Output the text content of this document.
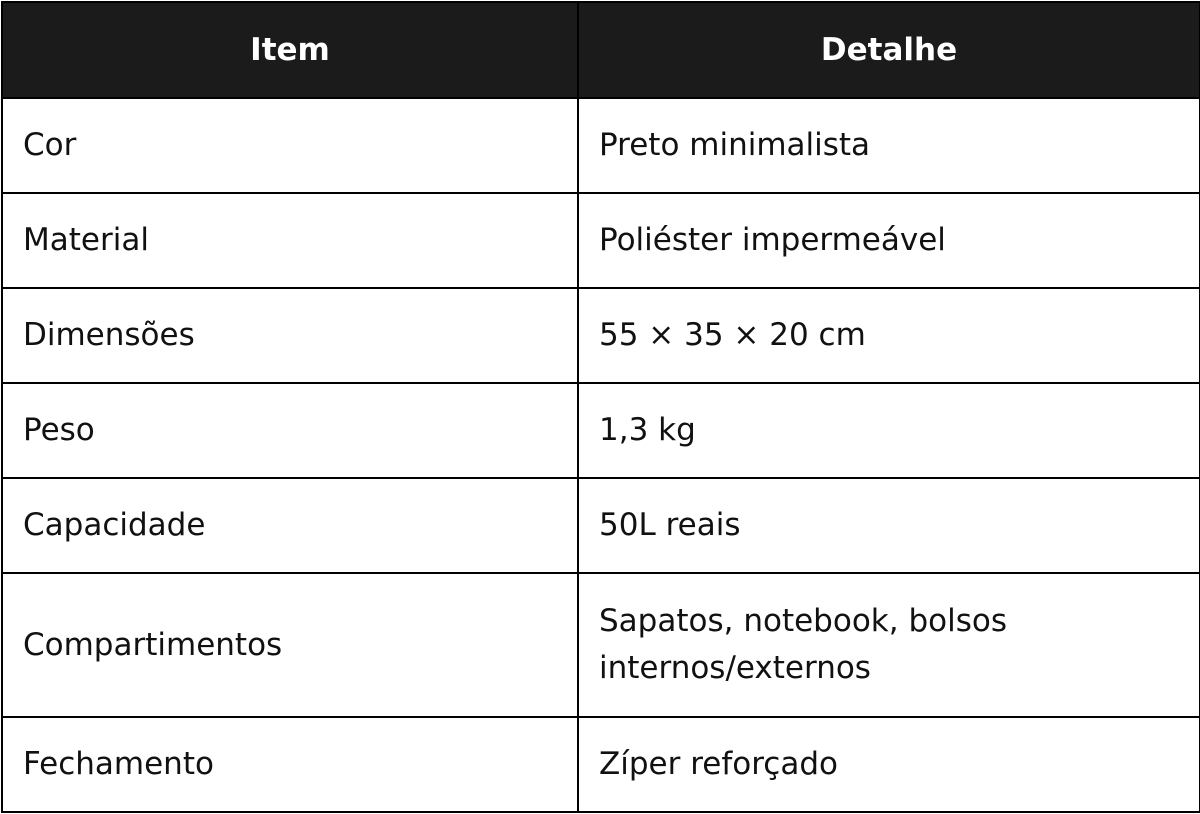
Item	Detalhe
Cor	Preto minimalista
Material	Poliéster impermeável
Dimensões	55 × 35 × 20 cm
Peso	1,3 kg
Capacidade	50L reais
Compartimentos	Sapatos, notebook, bolsos internos/externos
Fechamento	Zíper reforçado
